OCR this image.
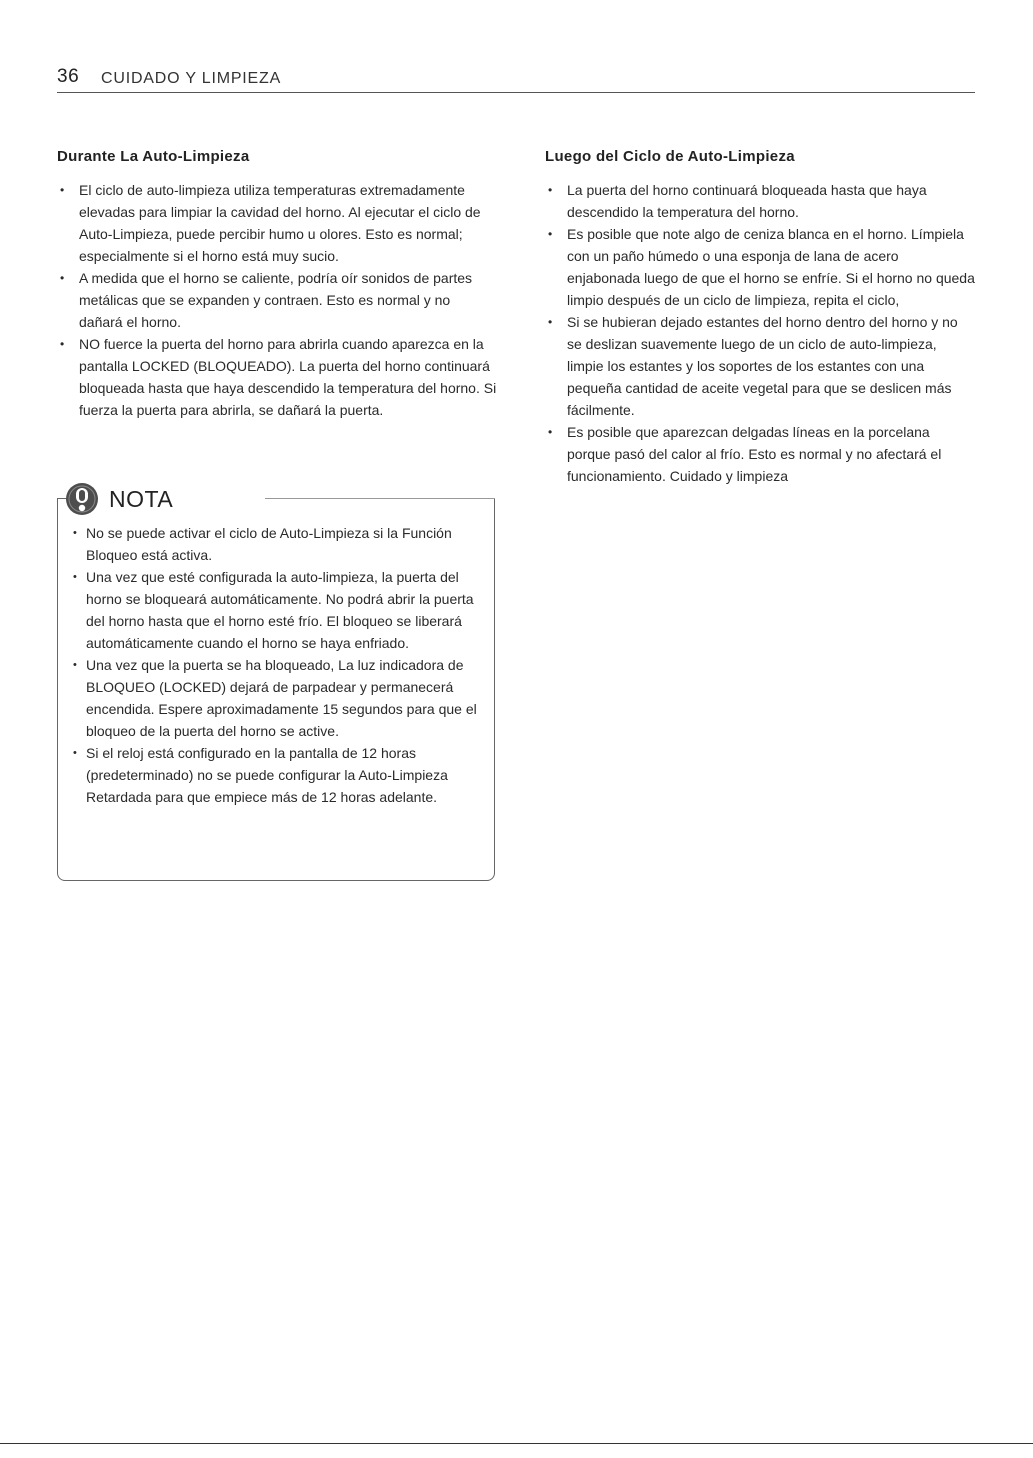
36 CUIDADO Y LIMPIEZA
Durante La Auto-Limpieza
• El ciclo de auto-limpieza utiliza temperaturas extremadamente elevadas para limpiar la cavidad del horno. Al ejecutar el ciclo de Auto-Limpieza, puede percibir humo u olores. Esto es normal; especialmente si el horno está muy sucio.
• A medida que el horno se caliente, podría oír sonidos de partes metálicas que se expanden y contraen. Esto es normal y no dañará el horno.
• NO fuerce la puerta del horno para abrirla cuando aparezca en la pantalla LOCKED (BLOQUEADO). La puerta del horno continuará bloqueada hasta que haya descendido la temperatura del horno. Si fuerza la puerta para abrirla, se dañará la puerta.
NOTA
• No se puede activar el ciclo de Auto-Limpieza si la Función Bloqueo está activa.
• Una vez que esté configurada la auto-limpieza, la puerta del horno se bloqueará automáticamente. No podrá abrir la puerta del horno hasta que el horno esté frío. El bloqueo se liberará automáticamente cuando el horno se haya enfriado.
• Una vez que la puerta se ha bloqueado, La luz indicadora de BLOQUEO (LOCKED) dejará de parpadear y permanecerá encendida. Espere aproximadamente 15 segundos para que el bloqueo de la puerta del horno se active.
• Si el reloj está configurado en la pantalla de 12 horas (predeterminado) no se puede configurar la Auto-Limpieza Retardada para que empiece más de 12 horas adelante.
Luego del Ciclo de Auto-Limpieza
• La puerta del horno continuará bloqueada hasta que haya descendido la temperatura del horno.
• Es posible que note algo de ceniza blanca en el horno. Límpiela con un paño húmedo o una esponja de lana de acero enjabonada luego de que el horno se enfríe. Si el horno no queda limpio después de un ciclo de limpieza, repita el ciclo,
• Si se hubieran dejado estantes del horno dentro del horno y no se deslizan suavemente luego de un ciclo de auto-limpieza, limpie los estantes y los soportes de los estantes con una pequeña cantidad de aceite vegetal para que se deslicen más fácilmente.
• Es posible que aparezcan delgadas líneas en la porcelana porque pasó del calor al frío. Esto es normal y no afectará el funcionamiento. Cuidado y limpieza
